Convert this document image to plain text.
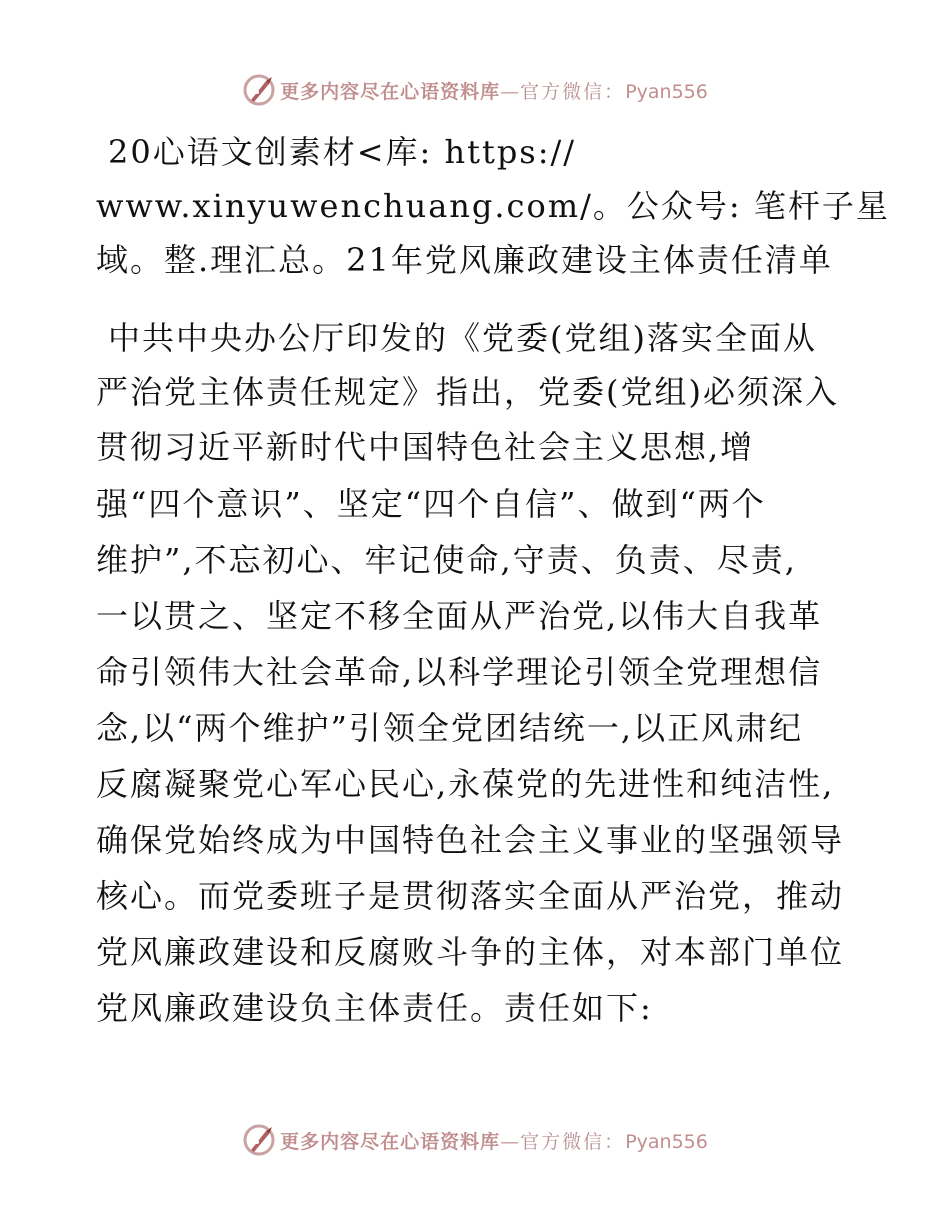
更多内容尽在心语资料库—官方微信：Pyan556
20心语文创素材<库: https://
www.xinyuwenchuang.com/。公众号: 笔杆子星
域。整.理汇总。21年党风廉政建设主体责任清单
中共中央办公厅印发的《党委(党组)落实全面从
严治党主体责任规定》指出，党委(党组)必须深入
贯彻习近平新时代中国特色社会主义思想,增
强“四个意识”、坚定“四个自信”、做到“两个
维护”,不忘初心、牢记使命,守责、负责、尽责,
一以贯之、坚定不移全面从严治党,以伟大自我革
命引领伟大社会革命,以科学理论引领全党理想信
念,以“两个维护”引领全党团结统一,以正风肃纪
反腐凝聚党心军心民心,永葆党的先进性和纯洁性,
确保党始终成为中国特色社会主义事业的坚强领导
核心。而党委班子是贯彻落实全面从严治党，推动
党风廉政建设和反腐败斗争的主体，对本部门单位
党风廉政建设负主体责任。责任如下:
更多内容尽在心语资料库—官方微信：Pyan556
